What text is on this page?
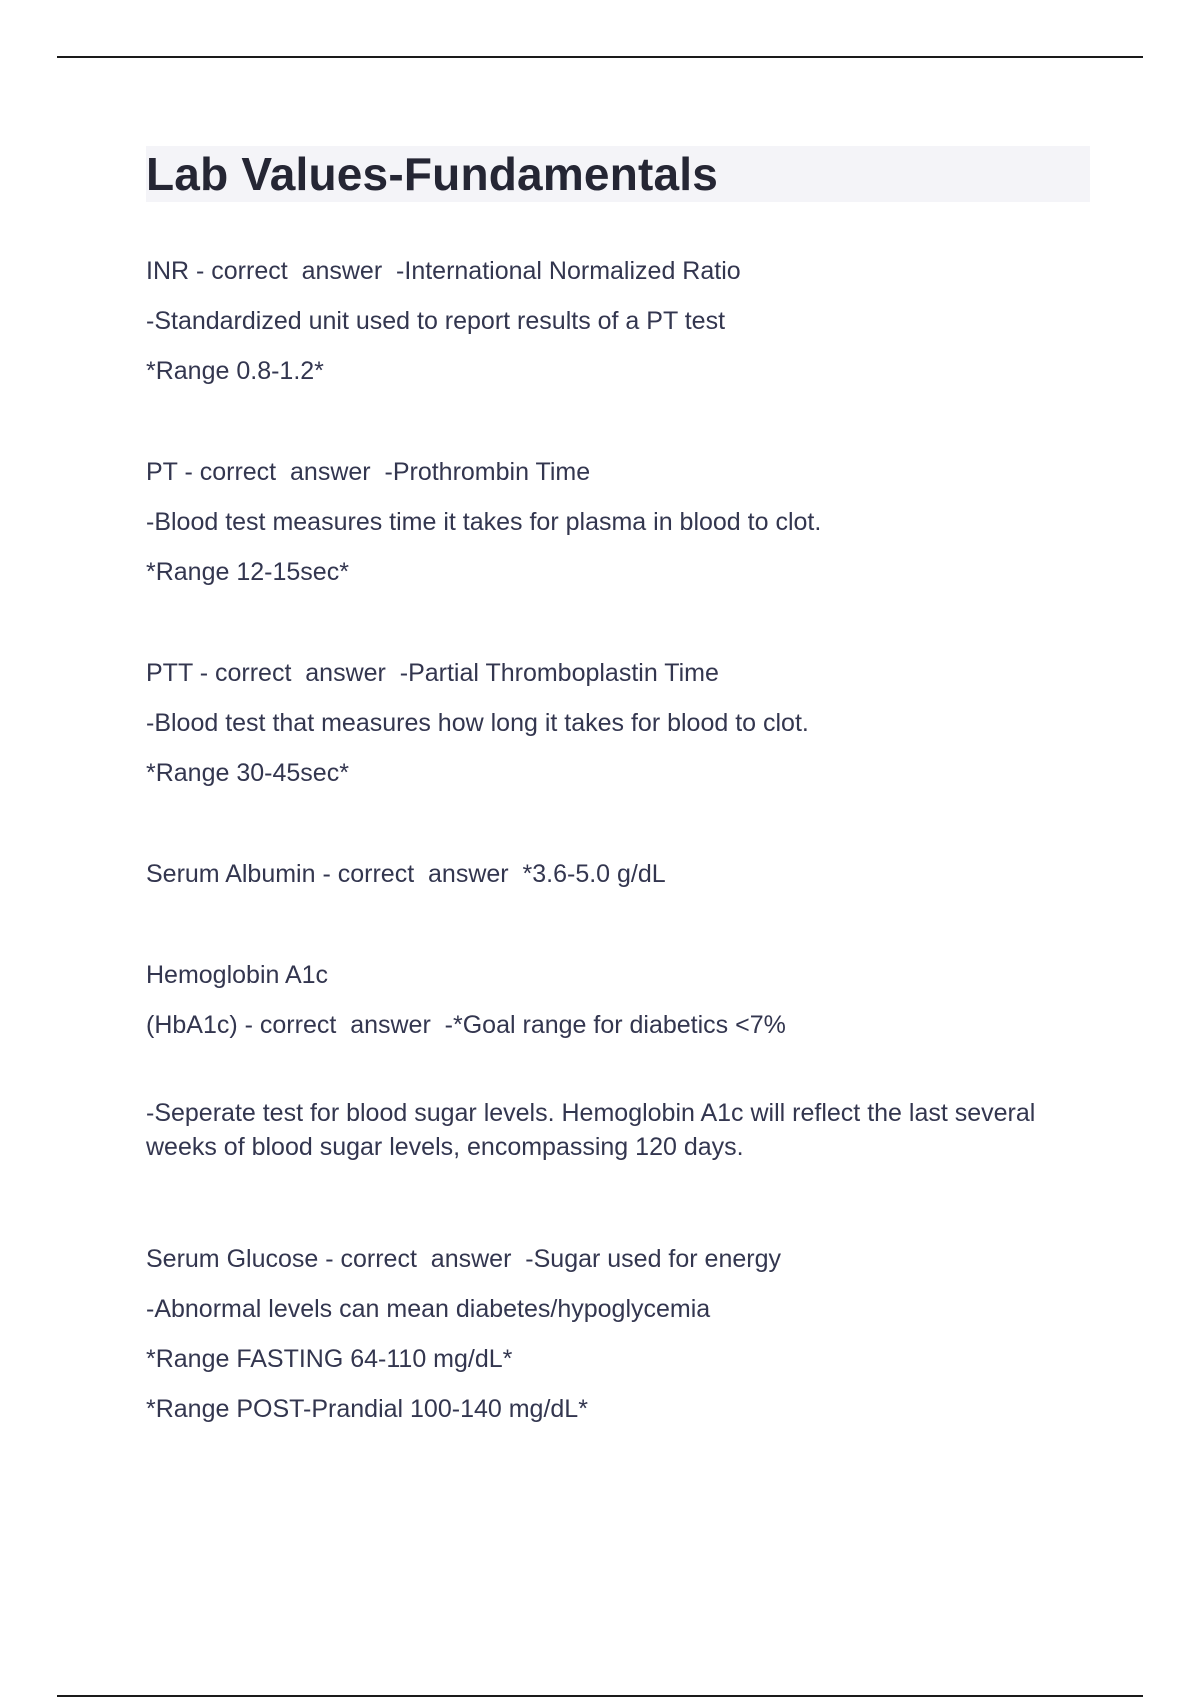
Lab Values-Fundamentals
INR - correct  answer  -International Normalized Ratio
-Standardized unit used to report results of a PT test
*Range 0.8-1.2*
PT - correct  answer  -Prothrombin Time
-Blood test measures time it takes for plasma in blood to clot.
*Range 12-15sec*
PTT - correct  answer  -Partial Thromboplastin Time
-Blood test that measures how long it takes for blood to clot.
*Range 30-45sec*
Serum Albumin - correct  answer  *3.6-5.0 g/dL
Hemoglobin A1c
(HbA1c) - correct  answer  -*Goal range for diabetics <7%
-Seperate test for blood sugar levels. Hemoglobin A1c will reflect the last several weeks of blood sugar levels, encompassing 120 days.
Serum Glucose - correct  answer  -Sugar used for energy
-Abnormal levels can mean diabetes/hypoglycemia
*Range FASTING 64-110 mg/dL*
*Range POST-Prandial 100-140 mg/dL*
